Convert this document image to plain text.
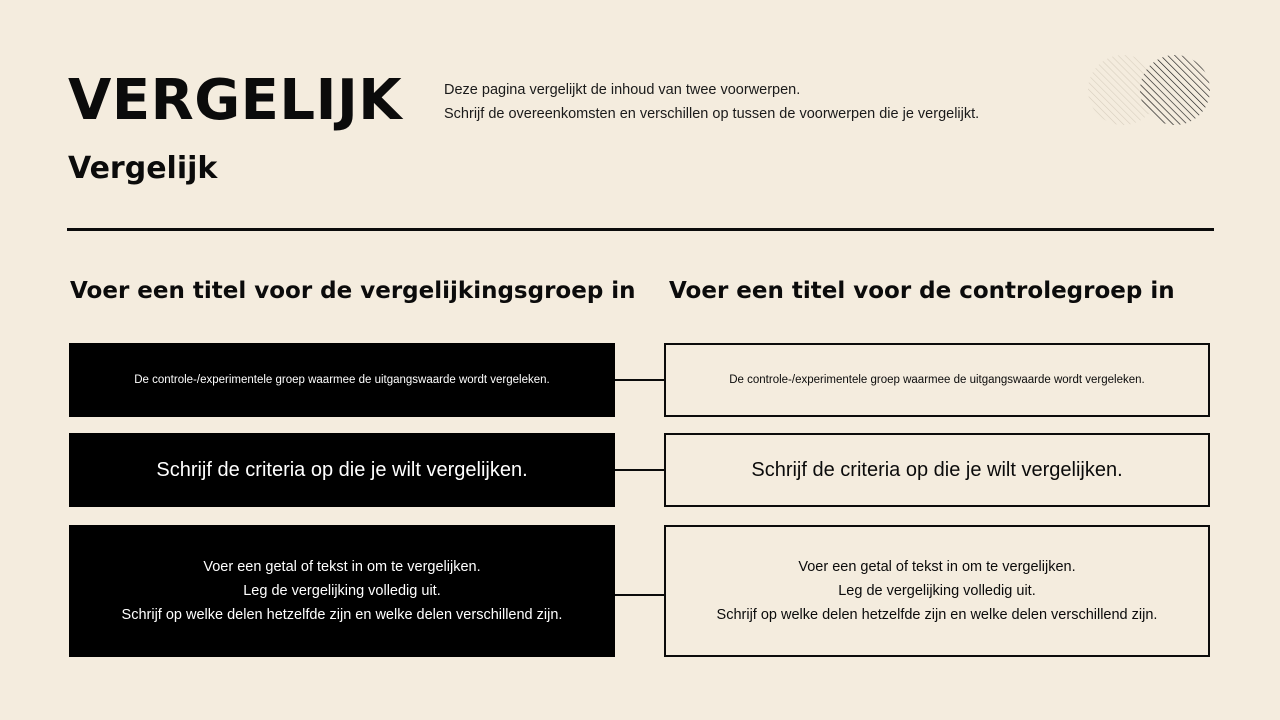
VERGELIJK
Vergelijk

Deze pagina vergelijkt de inhoud van twee voorwerpen.

Schrijf de overeenkomsten en verschillen op tussen de voorwerpen die je vergelijkt.

Voer een titel voor de vergelijkingsgroep in Voer een titel voor de controlegroep in
De controle-/experimentele groep waarmee de uitgangswaarde wordt vergeleken.
Schrijf de criteria op die je wilt vergelijken.
Voer een getal of tekst in om te vergelijken.
Leg de vergelijking volledig uit.
Schrijf op welke delen hetzelfde zijn en welke delen verschillend zijn.
De controle-/experimentele groep waarmee de uitgangswaarde wordt vergeleken.
Schrijf de criteria op die je wilt vergelijken.
Voer een getal of tekst in om te vergelijken.
Leg de vergelijking volledig uit.
Schrijf op welke delen hetzelfde zijn en welke delen verschillend zijn.
